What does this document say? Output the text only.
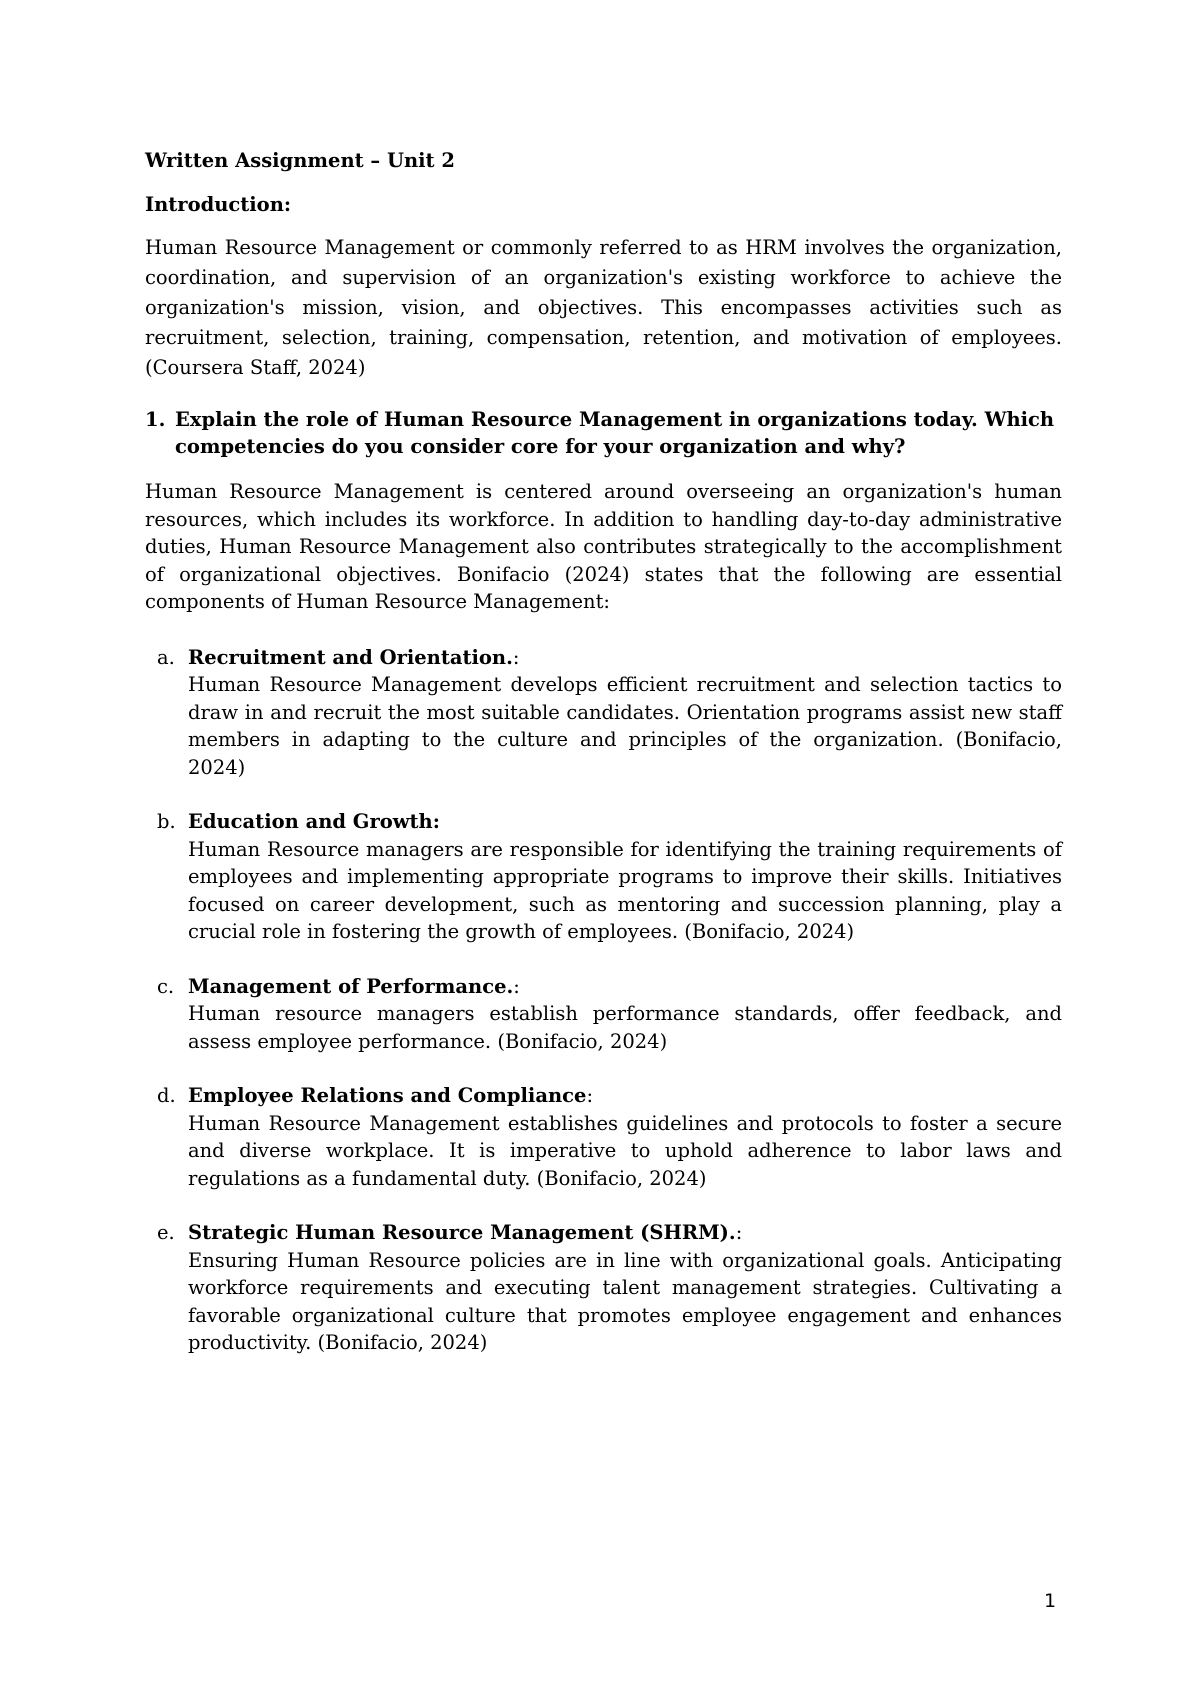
Written Assignment – Unit 2
Introduction:

Human Resource Management or commonly referred to as HRM involves the organization, coordination, and supervision of an organization's existing workforce to achieve the organization's mission, vision, and objectives. This encompasses activities such as recruitment, selection, training, compensation, retention, and motivation of employees. (Coursera Staff, 2024)

1. Explain the role of Human Resource Management in organizations today. Which competencies do you consider core for your organization and why?

Human Resource Management is centered around overseeing an organization's human resources, which includes its workforce. In addition to handling day-to-day administrative duties, Human Resource Management also contributes strategically to the accomplishment of organizational objectives. Bonifacio (2024) states that the following are essential components of Human Resource Management:

a. Recruitment and Orientation.:
Human Resource Management develops efficient recruitment and selection tactics to draw in and recruit the most suitable candidates. Orientation programs assist new staff members in adapting to the culture and principles of the organization. (Bonifacio, 2024)
b. Education and Growth:
Human Resource managers are responsible for identifying the training requirements of employees and implementing appropriate programs to improve their skills. Initiatives focused on career development, such as mentoring and succession planning, play a crucial role in fostering the growth of employees. (Bonifacio, 2024)
c. Management of Performance.:
Human resource managers establish performance standards, offer feedback, and assess employee performance. (Bonifacio, 2024)
d. Employee Relations and Compliance:
Human Resource Management establishes guidelines and protocols to foster a secure and diverse workplace. It is imperative to uphold adherence to labor laws and regulations as a fundamental duty. (Bonifacio, 2024)
e. Strategic Human Resource Management (SHRM).:
Ensuring Human Resource policies are in line with organizational goals. Anticipating workforce requirements and executing talent management strategies. Cultivating a favorable organizational culture that promotes employee engagement and enhances productivity. (Bonifacio, 2024)
1
